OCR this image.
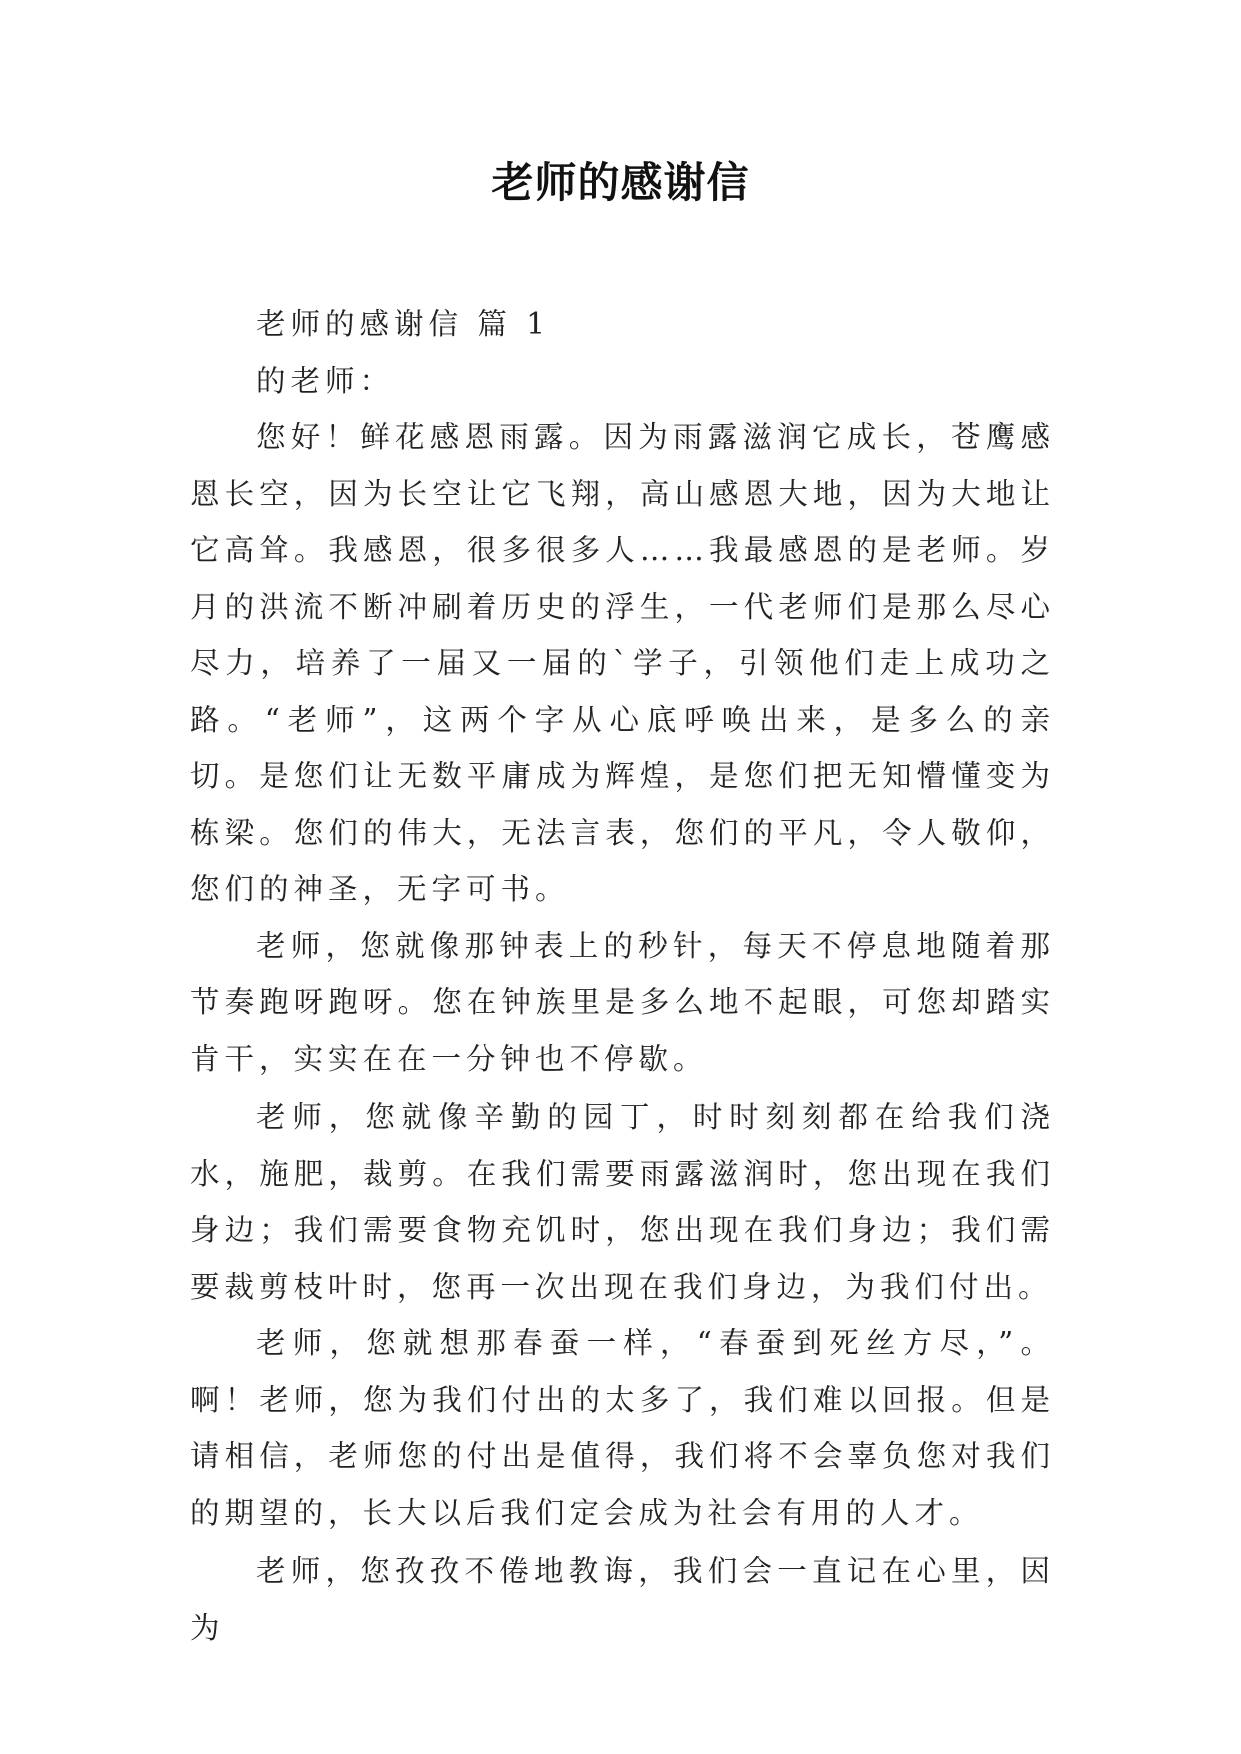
老师的感谢信

老师的感谢信 篇 1

的老师：

您好！鲜花感恩雨露。因为雨露滋润它成长，苍鹰感恩长空，因为长空让它飞翔，高山感恩大地，因为大地让它高耸。我感恩，很多很多人……我最感恩的是老师。岁月的洪流不断冲刷着历史的浮生，一代老师们是那么尽心尽力，培养了一届又一届的`学子，引领他们走上成功之路。“老师”，这两个字从心底呼唤出来，是多么的亲切。是您们让无数平庸成为辉煌，是您们把无知懵懂变为栋梁。您们的伟大，无法言表，您们的平凡，令人敬仰，您们的神圣，无字可书。

老师，您就像那钟表上的秒针，每天不停息地随着那节奏跑呀跑呀。您在钟族里是多么地不起眼，可您却踏实肯干，实实在在一分钟也不停歇。

老师，您就像辛勤的园丁，时时刻刻都在给我们浇水，施肥，裁剪。在我们需要雨露滋润时，您出现在我们身边；我们需要食物充饥时，您出现在我们身边；我们需要裁剪枝叶时，您再一次出现在我们身边，为我们付出。

老师，您就想那春蚕一样，“春蚕到死丝方尽，”。啊！老师，您为我们付出的太多了，我们难以回报。但是请相信，老师您的付出是值得，我们将不会辜负您对我们的期望的，长大以后我们定会成为社会有用的人才。

老师，您孜孜不倦地教诲，我们会一直记在心里，因为
